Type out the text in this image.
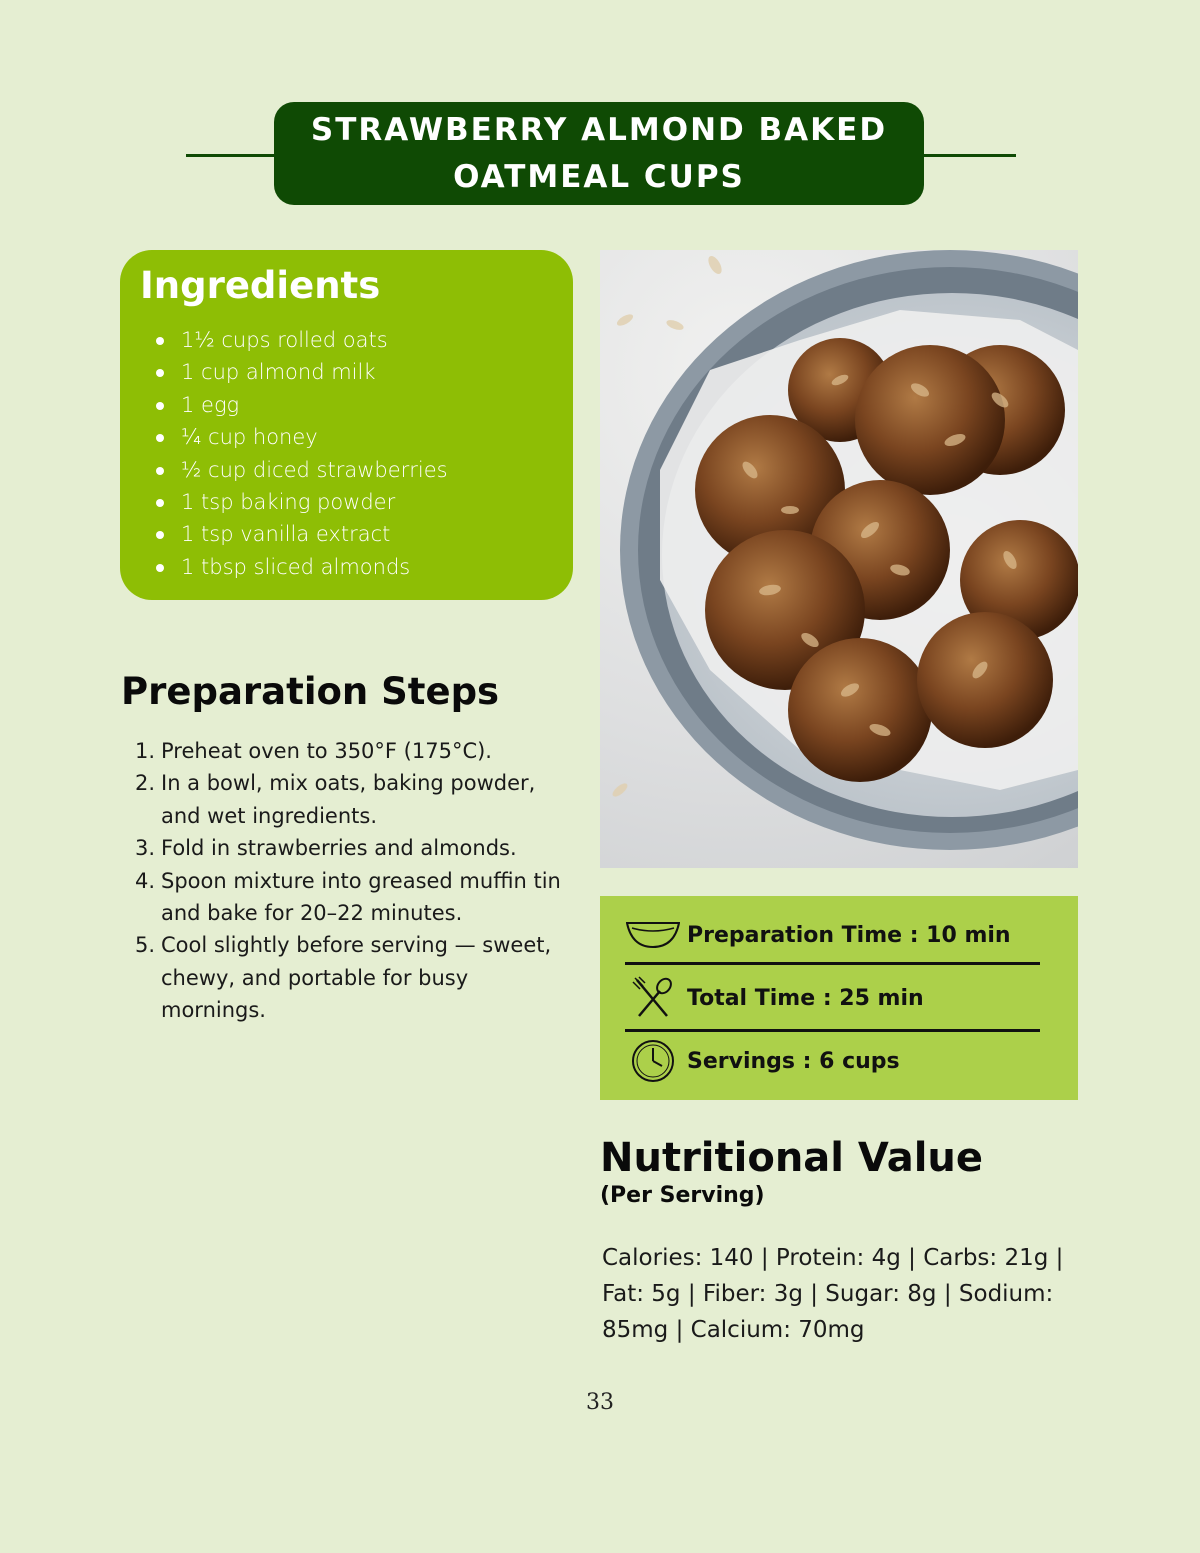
STRAWBERRY ALMOND BAKED
OATMEAL CUPS
Ingredients
1½ cups rolled oats
1 cup almond milk
1 egg
¼ cup honey
½ cup diced strawberries
1 tsp baking powder
1 tsp vanilla extract
1 tbsp sliced almonds
Preparation Steps
1. Preheat oven to 350°F (175°C).
2. In a bowl, mix oats, baking powder, and wet ingredients.
3. Fold in strawberries and almonds.
4. Spoon mixture into greased muffin tin and bake for 20–22 minutes.
5. Cool slightly before serving — sweet, chewy, and portable for busy mornings.
Preparation Time : 10 min
Total Time : 25 min
Servings : 6 cups
Nutritional Value
(Per Serving)
Calories: 140 | Protein: 4g | Carbs: 21g | Fat: 5g | Fiber: 3g | Sugar: 8g | Sodium: 85mg | Calcium: 70mg
33
